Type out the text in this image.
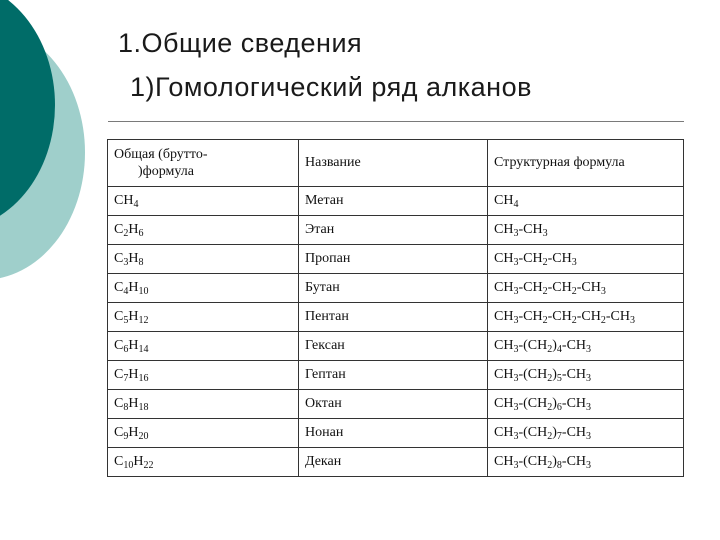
1.Общие сведения
1)Гомологический ряд алканов
Общая (брутто-
)формула	Название	Структурная формула
$CH_4$	Метан	$CH_4$
$C_2H_6$	Этан	$CH_3-CH_3$
$C_3H_8$	Пропан	$CH_3-CH_2-CH_3$
$C_4H_{10}$	Бутан	$CH_3-CH_2-CH_2-CH_3$
$C_5H_{12}$	Пентан	$CH_3-CH_2-CH_2-CH_2-CH_3$
$C_6H_{14}$	Гексан	$CH_3-(CH_2)_4-CH_3$
$C_7H_{16}$	Гептан	$CH_3-(CH_2)_5-CH_3$
$C_8H_{18}$	Октан	$CH_3-(CH_2)_6-CH_3$
$C_9H_{20}$	Нонан	$CH_3-(CH_2)_7-CH_3$
$C_{10}H_{22}$	Декан	$CH_3-(CH_2)_8-CH_3$
